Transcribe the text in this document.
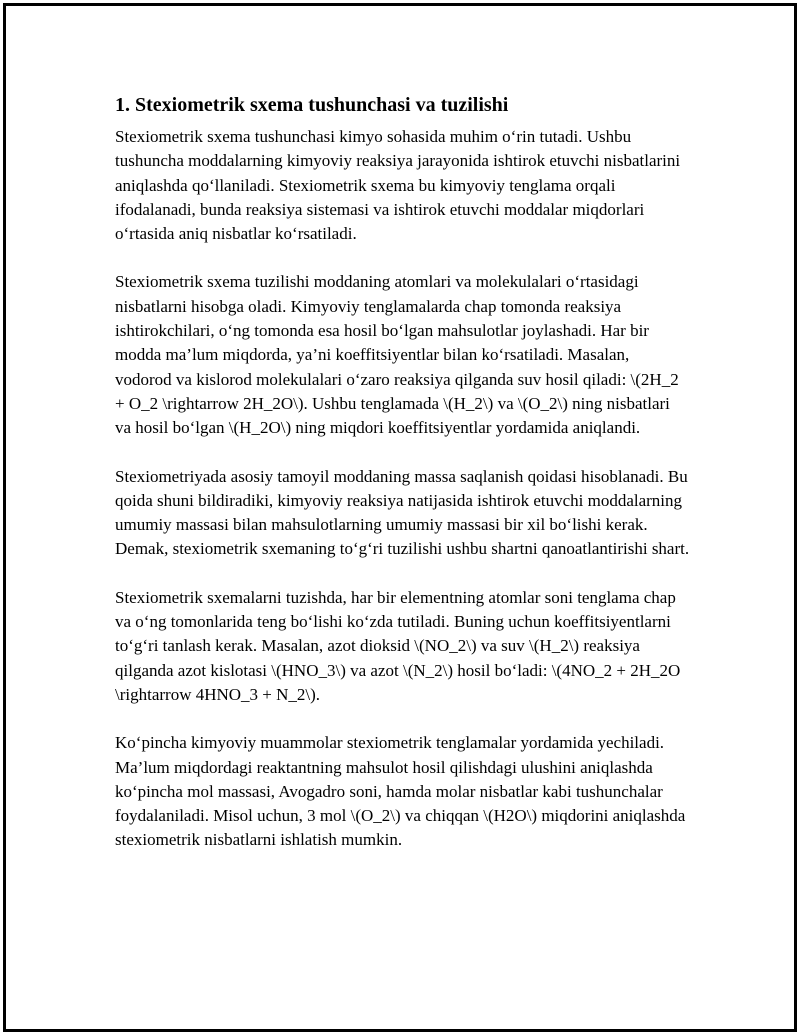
1. Stexiometrik sxema tushunchasi va tuzilishi

Stexiometrik sxema tushunchasi kimyo sohasida muhim o‘rin tutadi. Ushbu tushuncha moddalarning kimyoviy reaksiya jarayonida ishtirok etuvchi nisbatlarini aniqlashda qo‘llaniladi. Stexiometrik sxema bu kimyoviy tenglama orqali ifodalanadi, bunda reaksiya sistemasi va ishtirok etuvchi moddalar miqdorlari o‘rtasida aniq nisbatlar ko‘rsatiladi.

Stexiometrik sxema tuzilishi moddaning atomlari va molekulalari o‘rtasidagi nisbatlarni hisobga oladi. Kimyoviy tenglamalarda chap tomonda reaksiya ishtirokchilari, o‘ng tomonda esa hosil bo‘lgan mahsulotlar joylashadi. Har bir modda ma’lum miqdorda, ya’ni koeffitsiyentlar bilan ko‘rsatiladi. Masalan, vodorod va kislorod molekulalari o‘zaro reaksiya qilganda suv hosil qiladi: \(2H_2 + O_2 \rightarrow 2H_2O\). Ushbu tenglamada \(H_2\) va \(O_2\) ning nisbatlari va hosil bo‘lgan \(H_2O\) ning miqdori koeffitsiyentlar yordamida aniqlandi.

Stexiometriyada asosiy tamoyil moddaning massa saqlanish qoidasi hisoblanadi. Bu qoida shuni bildiradiki, kimyoviy reaksiya natijasida ishtirok etuvchi moddalarning umumiy massasi bilan mahsulotlarning umumiy massasi bir xil bo‘lishi kerak. Demak, stexiometrik sxemaning to‘g‘ri tuzilishi ushbu shartni qanoatlantirishi shart.

Stexiometrik sxemalarni tuzishda, har bir elementning atomlar soni tenglama chap va o‘ng tomonlarida teng bo‘lishi ko‘zda tutiladi. Buning uchun koeffitsiyentlarni to‘g‘ri tanlash kerak. Masalan, azot dioksid \(NO_2\) va suv \(H_2\) reaksiya qilganda azot kislotasi \(HNO_3\) va azot \(N_2\) hosil bo‘ladi: \(4NO_2 + 2H_2O \rightarrow 4HNO_3 + N_2\).

Ko‘pincha kimyoviy muammolar stexiometrik tenglamalar yordamida yechiladi. Ma’lum miqdordagi reaktantning mahsulot hosil qilishdagi ulushini aniqlashda ko‘pincha mol massasi, Avogadro soni, hamda molar nisbatlar kabi tushunchalar foydalaniladi. Misol uchun, 3 mol \(O_2\) va chiqqan \(H2O\) miqdorini aniqlashda stexiometrik nisbatlarni ishlatish mumkin.
